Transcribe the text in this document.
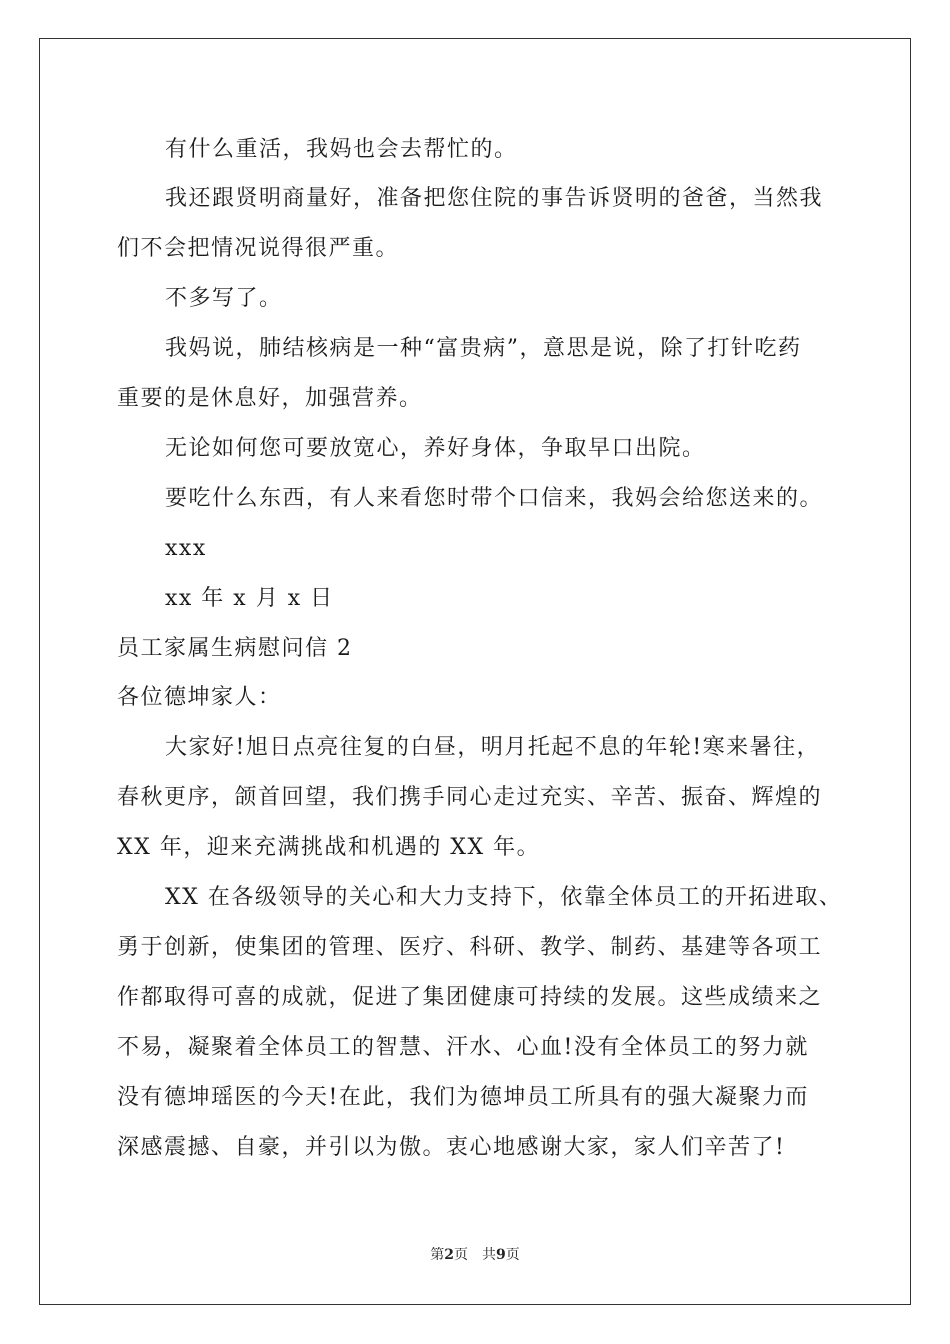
有什么重活，我妈也会去帮忙的。
我还跟贤明商量好，准备把您住院的事告诉贤明的爸爸，当然我
们不会把情况说得很严重。
不多写了。
我妈说，肺结核病是一种“富贵病”，意思是说，除了打针吃药
重要的是休息好，加强营养。
无论如何您可要放宽心，养好身体，争取早口出院。
要吃什么东西，有人来看您时带个口信来，我妈会给您送来的。
xxx
xx 年 x 月 x 日
员工家属生病慰问信 2
各位德坤家人：
大家好!旭日点亮往复的白昼，明月托起不息的年轮!寒来暑往，
春秋更序，颌首回望，我们携手同心走过充实、辛苦、振奋、辉煌的
XX 年，迎来充满挑战和机遇的 XX 年。
XX 在各级领导的关心和大力支持下，依靠全体员工的开拓进取、
勇于创新，使集团的管理、医疗、科研、教学、制药、基建等各项工
作都取得可喜的成就，促进了集团健康可持续的发展。这些成绩来之
不易，凝聚着全体员工的智慧、汗水、心血!没有全体员工的努力就
没有德坤瑶医的今天!在此，我们为德坤员工所具有的强大凝聚力而
深感震撼、自豪，并引以为傲。衷心地感谢大家，家人们辛苦了!
第2页 共9页
